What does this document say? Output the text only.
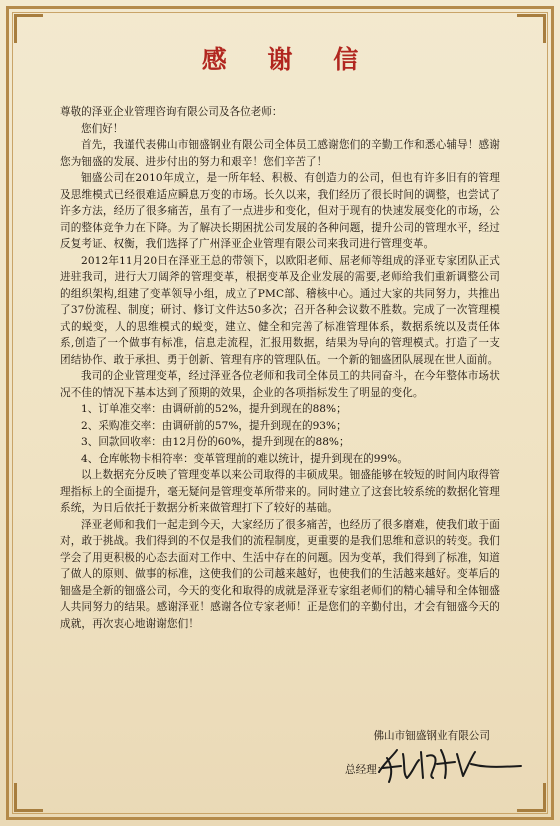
感 谢 信
尊敬的泽亚企业管理咨询有限公司及各位老师：
您们好！

首先，我谨代表佛山市钿盛钢业有限公司全体员工感谢您们的辛勤工作和悉心辅导！感谢您为钿盛的发展、进步付出的努力和艰辛！您们辛苦了！

钿盛公司在2010年成立，是一所年轻、积极、有创造力的公司，但也有许多旧有的管理及思维模式已经很难适应瞬息万变的市场。长久以来，我们经历了很长时间的调整，也尝试了许多方法，经历了很多痛苦，虽有了一点进步和变化，但对于现有的快速发展变化的市场，公司的整体竞争力在下降。为了解决长期困扰公司发展的各种问题，提升公司的管理水平，经过反复考证、权衡，我们选择了广州泽亚企业管理有限公司来我司进行管理变革。

2012年11月20日在泽亚王总的带领下，以欧阳老师、屈老师等组成的泽亚专家团队正式进驻我司，进行大刀阔斧的管理变革，根据变革及企业发展的需要,老师给我们重新调整公司的组织架构,组建了变革领导小组，成立了PMC部、稽核中心。通过大家的共同努力，共推出了37份流程、制度；研讨、修订文件达50多次；召开各种会议数不胜数。完成了一次管理模式的蜕变，人的思维模式的蜕变，建立、健全和完善了标准管理体系，数据系统以及责任体系,创造了一个做事有标准，信息走流程，汇报用数据，结果为导向的管理模式。打造了一支团结协作、敢于承担、勇于创新、管理有序的管理队伍。一个新的钿盛团队展现在世人面前。

我司的企业管理变革，经过泽亚各位老师和我司全体员工的共同奋斗，在今年整体市场状况不佳的情况下基本达到了预期的效果，企业的各项指标发生了明显的变化。

1、订单准交率：由调研前的52%，提升到现在的88%；

2、采购准交率：由调研前的57%，提升到现在的93%；

3、回款回收率：由12月份的60%，提升到现在的88%；

4、仓库帐物卡相符率：变革管理前的难以统计，提升到现在的99%。

以上数据充分反映了管理变革以来公司取得的丰硕成果。钿盛能够在较短的时间内取得管理指标上的全面提升，毫无疑问是管理变革所带来的。同时建立了这套比较系统的数据化管理系统，为日后依托于数据分析来做管理打下了较好的基础。

泽亚老师和我们一起走到今天，大家经历了很多痛苦，也经历了很多磨难，使我们敢于面对，敢于挑战。我们得到的不仅是我们的流程制度，更重要的是我们思维和意识的转变。我们学会了用更积极的心态去面对工作中、生活中存在的问题。因为变革，我们得到了标准，知道了做人的原则、做事的标准，这使我们的公司越来越好，也使我们的生活越来越好。变革后的钿盛是全新的钿盛公司，今天的变化和取得的成就是泽亚专家组老师们的精心辅导和全体钿盛人共同努力的结果。感谢泽亚！感谢各位专家老师！正是您们的辛勤付出，才会有钿盛今天的成就，再次衷心地谢谢您们！

佛山市钿盛钢业有限公司
总经理：
